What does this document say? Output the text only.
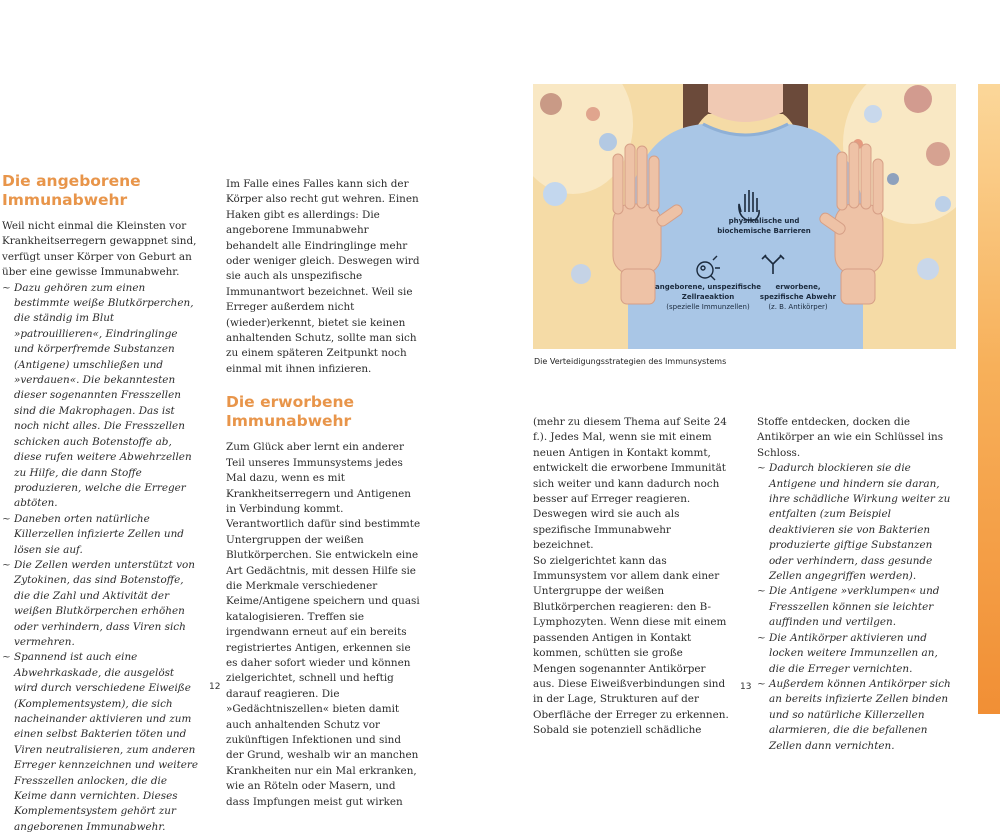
Die angeborene Immunabwehr

Weil nicht einmal die Kleinsten vor Krankheitserregern gewappnet sind, verfügt unser Körper von Geburt an über eine gewisse Immunabwehr.

~ Dazu gehören zum einen bestimmte weiße Blutkörperchen, die ständig im Blut »patrouillieren«, Eindringlinge und körperfremde Substanzen (Antigene) umschließen und »verdauen«. Die bekanntesten dieser sogenannten Fresszellen sind die Makrophagen. Das ist noch nicht alles. Die Fresszellen schicken auch Botenstoffe ab, diese rufen weitere Abwehrzellen zu Hilfe, die dann Stoffe produzieren, welche die Erreger abtöten.
~ Daneben orten natürliche Killerzellen infizierte Zellen und lösen sie auf.
~ Die Zellen werden unterstützt von Zytokinen, das sind Botenstoffe, die die Zahl und Aktivität der weißen Blutkörperchen erhöhen oder verhindern, dass Viren sich vermehren.
~ Spannend ist auch eine Abwehrkaskade, die ausgelöst wird durch verschiedene Eiweiße (Komplementsystem), die sich nacheinander aktivieren und zum einen selbst Bakterien töten und Viren neutralisieren, zum anderen Erreger kennzeichnen und weitere Fresszellen anlocken, die die Keime dann vernichten. Dieses Komplementsystem gehört zur angeborenen Immunabwehr.

Im Falle eines Falles kann sich der Körper also recht gut wehren. Einen Haken gibt es allerdings: Die angeborene Immunabwehr behandelt alle Eindringlinge mehr oder weniger gleich. Deswegen wird sie auch als unspezifische Immunantwort bezeichnet. Weil sie Erreger außerdem nicht (wieder)erkennt, bietet sie keinen anhaltenden Schutz, sollte man sich zu einem späteren Zeitpunkt noch einmal mit ihnen infizieren.

Die erworbene Immunabwehr

Zum Glück aber lernt ein anderer Teil unseres Immunsystems jedes Mal dazu, wenn es mit Krankheitserregern und Antigenen in Verbindung kommt. Verantwortlich dafür sind bestimmte Untergruppen der weißen Blutkörperchen. Sie entwickeln eine Art Gedächtnis, mit dessen Hilfe sie die Merkmale verschiedener Keime/Antigene speichern und quasi katalogisieren. Treffen sie irgendwann erneut auf ein bereits registriertes Antigen, erkennen sie es daher sofort wieder und können zielgerichtet, schnell und heftig darauf reagieren. Die »Gedächtniszellen« bieten damit auch anhaltenden Schutz vor zukünftigen Infektionen und sind der Grund, weshalb wir an manchen Krankheiten nur ein Mal erkranken, wie an Röteln oder Masern, und dass Impfungen meist gut wirken

12
physikalische und biochemische Barrieren
angeborene, unspezifische Zellraeaktion
(spezielle Immunzellen)
erworbene, spezifische Abwehr
(z. B. Antikörper)
Die Verteidigungsstrategien des Immunsystems

(mehr zu diesem Thema auf Seite 24 f.). Jedes Mal, wenn sie mit einem neuen Antigen in Kontakt kommt, entwickelt die erworbene Immunität sich weiter und kann dadurch noch besser auf Erreger reagieren. Deswegen wird sie auch als spezifische Immunabwehr bezeichnet.

So zielgerichtet kann das Immunsystem vor allem dank einer Untergruppe der weißen Blutkörperchen reagieren: den B-Lymphozyten. Wenn diese mit einem passenden Antigen in Kontakt kommen, schütten sie große Mengen sogenannter Antikörper aus. Diese Eiweißverbindungen sind in der Lage, Strukturen auf der Oberfläche der Erreger zu erkennen. Sobald sie potenziell schädliche

Stoffe entdecken, docken die Antikörper an wie ein Schlüssel ins Schloss.

~ Dadurch blockieren sie die Antigene und hindern sie daran, ihre schädliche Wirkung weiter zu entfalten (zum Beispiel deaktivieren sie von Bakterien produzierte giftige Substanzen oder verhindern, dass gesunde Zellen angegriffen werden).
~ Die Antigene »verklumpen« und Fresszellen können sie leichter auffinden und vertilgen.
~ Die Antikörper aktivieren und locken weitere Immunzellen an, die die Erreger vernichten.
~ Außerdem können Antikörper sich an bereits infizierte Zellen binden und so natürliche Killerzellen alarmieren, die die befallenen Zellen dann vernichten.
13
